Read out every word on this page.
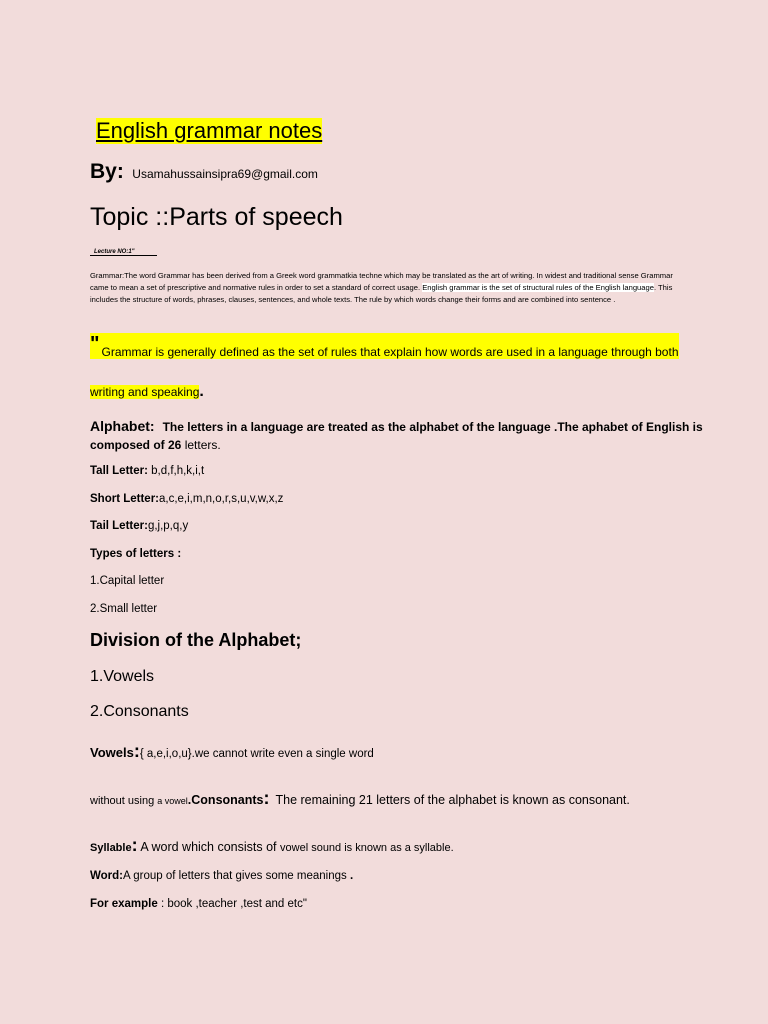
English grammar notes
By: Usamahussainsipra69@gmail.com
Topic ::Parts of speech
Lecture NO:1"
Grammar:The word Grammar has been derived from a Greek word grammatkia techne which may be translated as the art of writing. In widest and traditional sense Grammar came to mean a set of prescriptive and normative rules in order to set a standard of correct usage. English grammar is the set of structural rules of the English language. This includes the structure of words, phrases, clauses, sentences, and whole texts. The rule by which words change their forms and are combined into sentence .
" Grammar is generally defined as the set of rules that explain how words are used in a language through both
writing and speaking.
Alphabet: The letters in a language are treated as the alphabet of the language .The aphabet of English is
composed of 26 letters.
Tall Letter: b,d,f,h,k,i,t
Short Letter:a,c,e,i,m,n,o,r,s,u,v,w,x,z
Tail Letter:g,j,p,q,y
Types of letters :
1.Capital letter
2.Small letter
Division of the Alphabet;
1.Vowels
2.Consonants
Vowels:{ a,e,i,o,u}.we cannot write even a single word
without using a vowel.Consonants: The remaining 21 letters of the alphabet is known as consonant.
Syllable: A word which consists of vowel sound is known as a syllable.
Word:A group of letters that gives some meanings .
For example : book ,teacher ,test and etc"
